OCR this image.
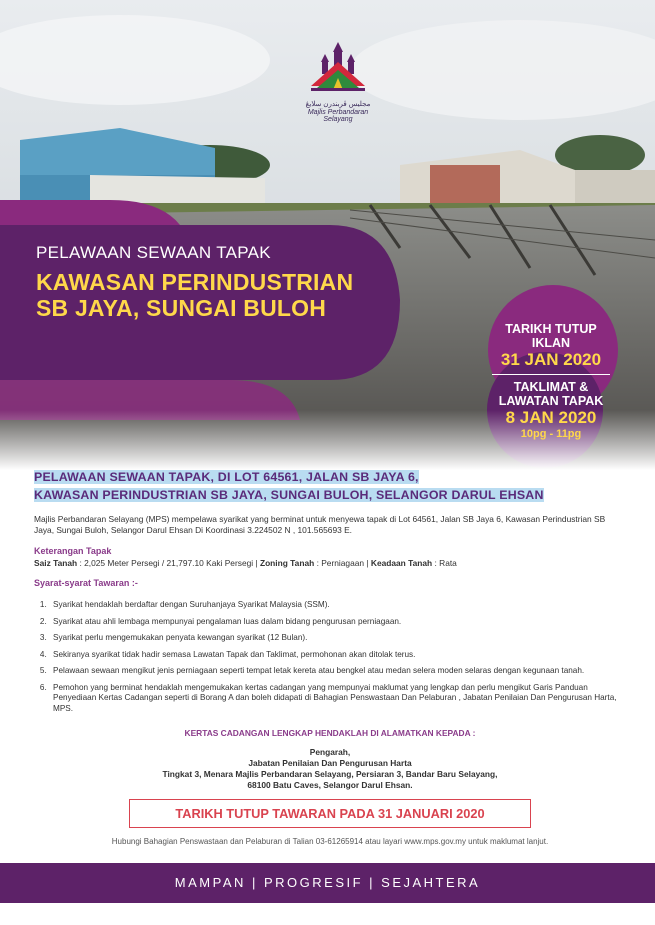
مجليس ڤربندرن سلايڠ
Majlis Perbandaran Selayang
PELAWAAN SEWAAN TAPAK
KAWASAN PERINDUSTRIAN
SB JAYA, SUNGAI BULOH
TARIKH TUTUP
IKLAN
31 JAN 2020
TAKLIMAT &
LAWATAN TAPAK
8 JAN 2020
10pg - 11pg
PELAWAAN SEWAAN TAPAK, DI LOT 64561, JALAN SB JAYA 6,
KAWASAN PERINDUSTRIAN SB JAYA, SUNGAI BULOH, SELANGOR DARUL EHSAN
Majlis Perbandaran Selayang (MPS) mempelawa syarikat yang berminat untuk menyewa tapak di Lot 64561, Jalan SB Jaya 6, Kawasan Perindustrian SB Jaya, Sungai Buloh, Selangor Darul Ehsan Di Koordinasi 3.224502 N , 101.565693 E.
Keterangan Tapak
Saiz Tanah : 2,025 Meter Persegi / 21,797.10 Kaki Persegi | Zoning Tanah : Perniagaan | Keadaan Tanah : Rata
Syarat-syarat Tawaran :-
1. Syarikat hendaklah berdaftar dengan Suruhanjaya Syarikat Malaysia (SSM).
2. Syarikat atau ahli lembaga mempunyai pengalaman luas dalam bidang pengurusan perniagaan.
3. Syarikat perlu mengemukakan penyata kewangan syarikat (12 Bulan).
4. Sekiranya syarikat tidak hadir semasa Lawatan Tapak dan Taklimat, permohonan akan ditolak terus.
5. Pelawaan sewaan mengikut jenis perniagaan seperti tempat letak kereta atau bengkel atau medan selera moden selaras dengan kegunaan tanah.
6. Pemohon yang berminat hendaklah mengemukakan kertas cadangan yang mempunyai maklumat yang lengkap dan perlu mengikut Garis Panduan Penyediaan Kertas Cadangan seperti di Borang A dan boleh didapati di Bahagian Penswastaan Dan Pelaburan , Jabatan Penilaian Dan Pengurusan Harta, MPS.
KERTAS CADANGAN LENGKAP HENDAKLAH DI ALAMATKAN KEPADA :
Pengarah,
Jabatan Penilaian Dan Pengurusan Harta
Tingkat 3, Menara Majlis Perbandaran Selayang, Persiaran 3, Bandar Baru Selayang,
68100 Batu Caves, Selangor Darul Ehsan.
TARIKH TUTUP TAWARAN PADA 31 JANUARI 2020
Hubungi Bahagian Penswastaan dan Pelaburan di Talian 03-61265914 atau layari www.mps.gov.my untuk maklumat lanjut.
MAMPAN | PROGRESIF | SEJAHTERA
